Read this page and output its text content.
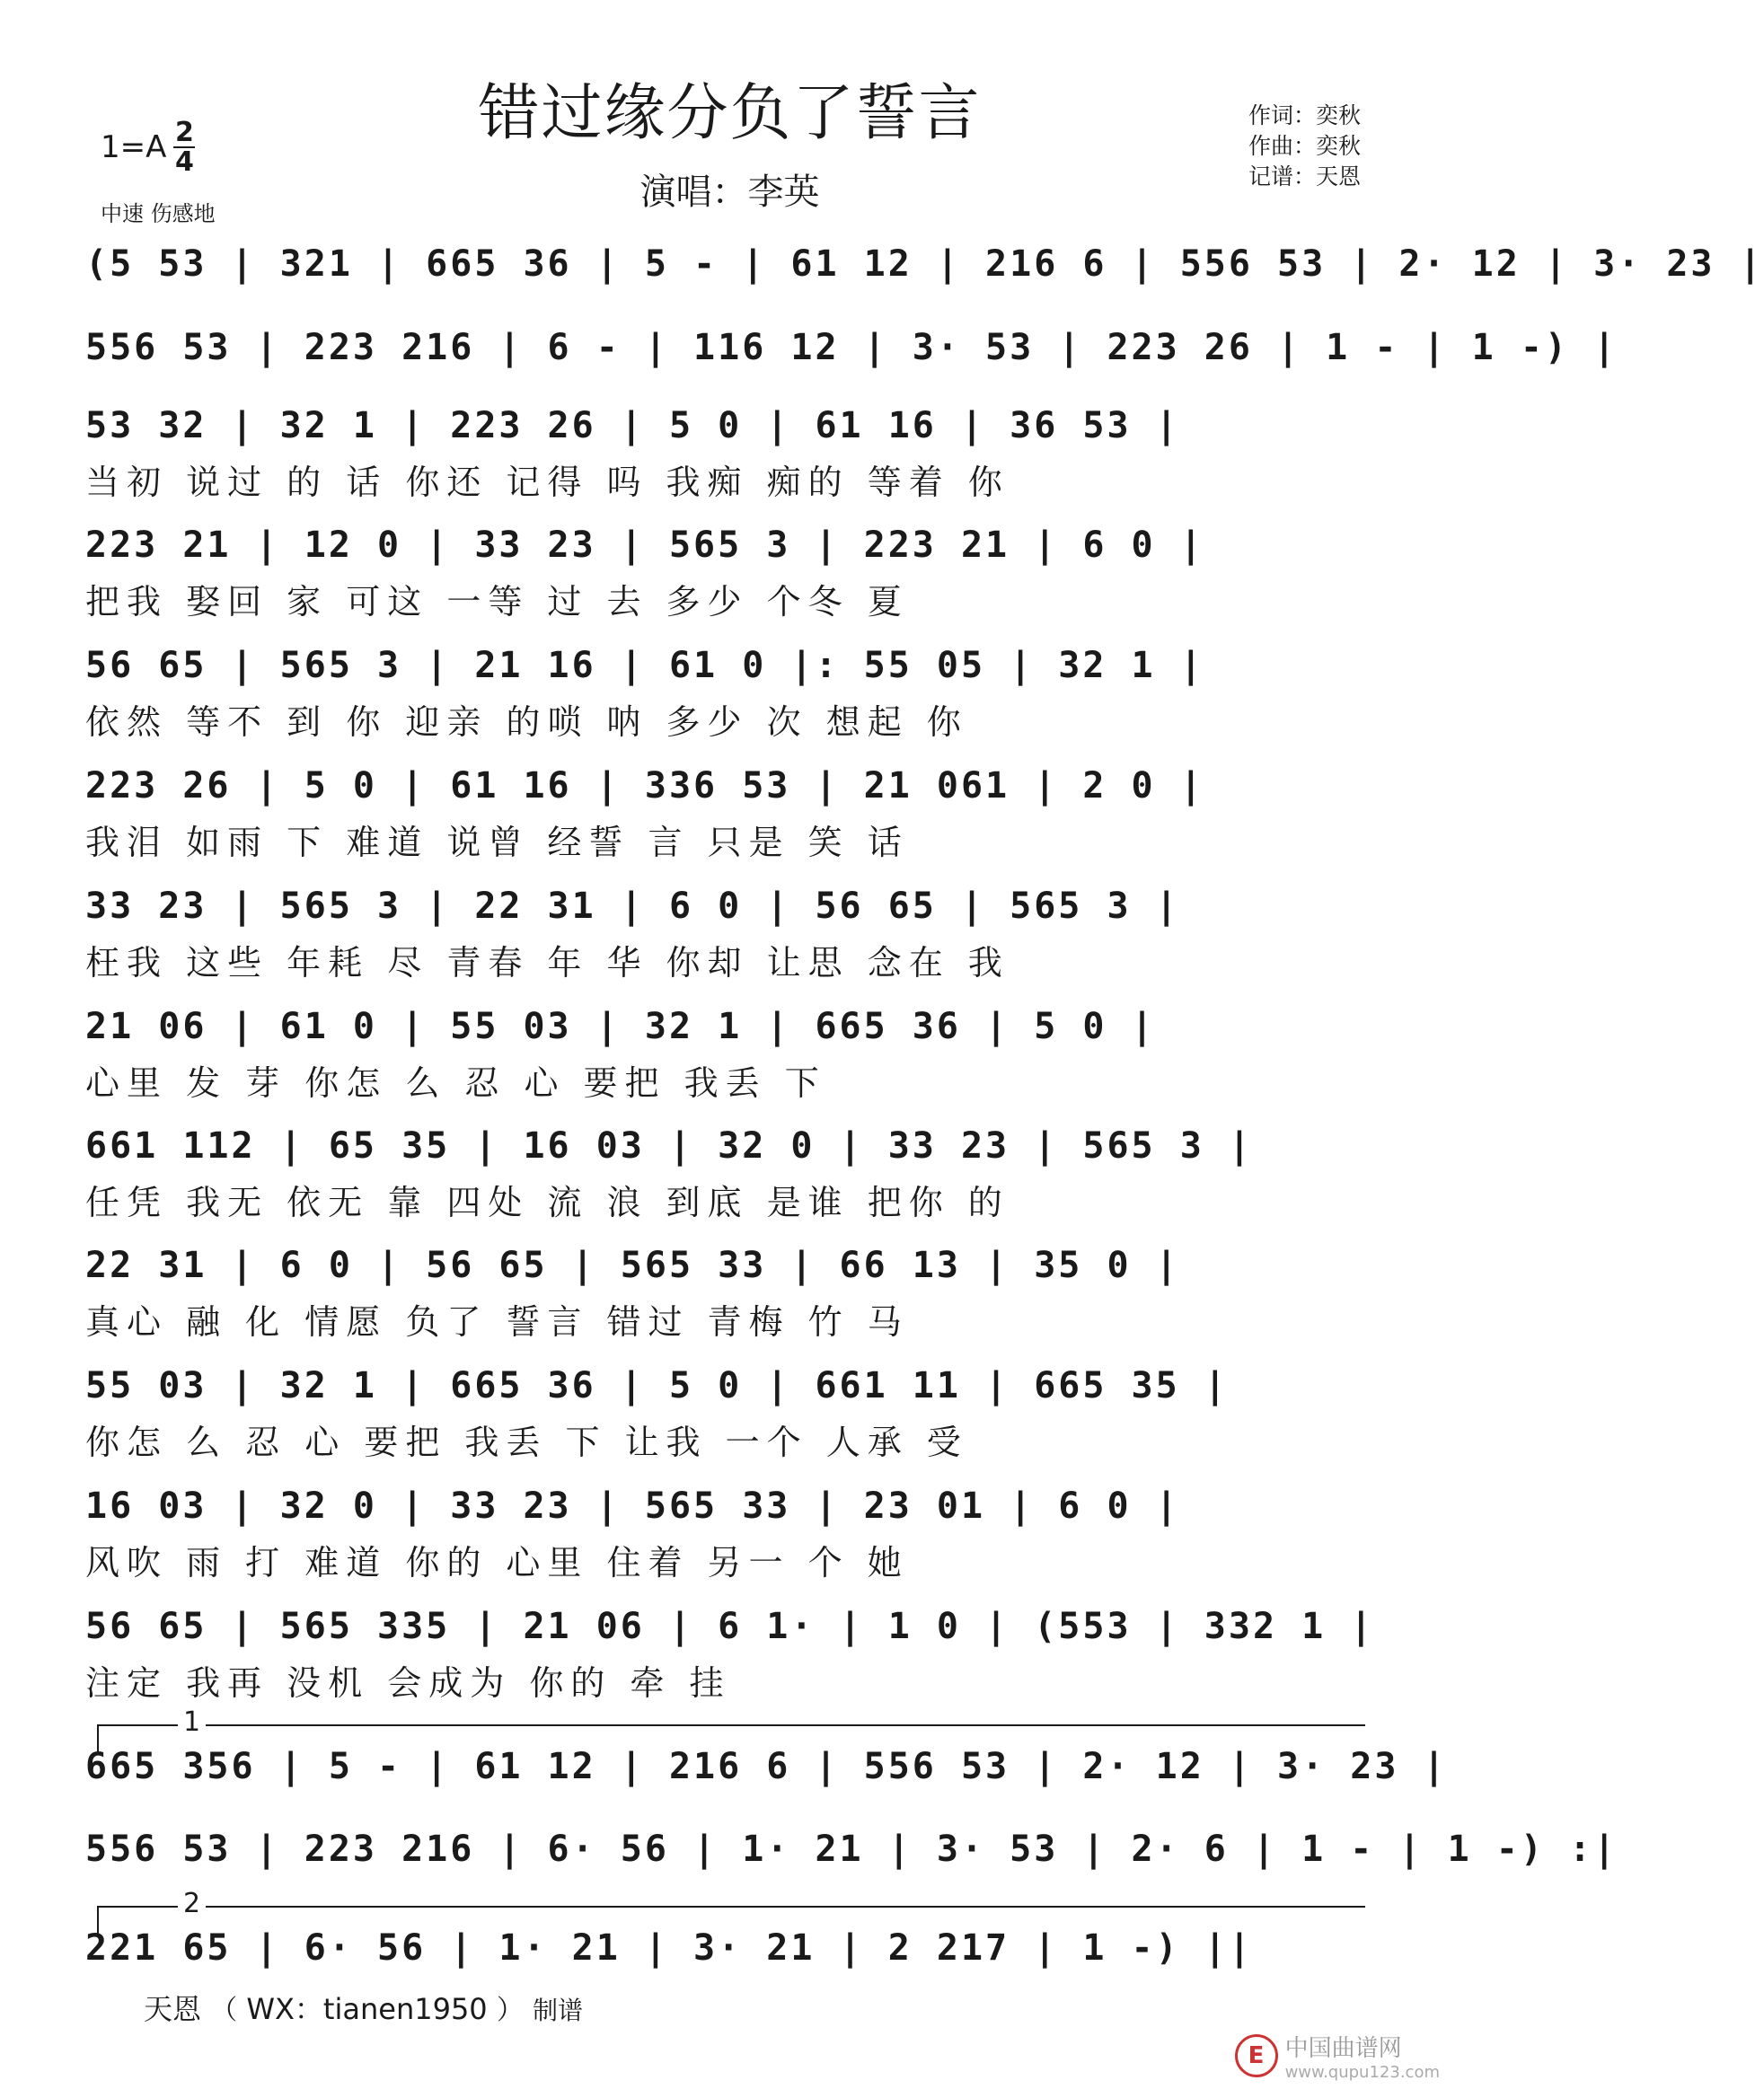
错过缘分负了誓言
演唱：李英
$1=A \frac{2}{4}$
中速 伤感地
作词：奕秋
作曲：奕秋
记谱：天恩
(5 53 | 321 | 665 36 | 5 - | 61 12 | 216 6 | 556 53 | 2· 12 | 3· 23 |
556 53 | 223 216 | 6 - | 116 12 | 3· 53 | 223 26 | 1 - | 1 -) |
53 32 | 32 1 | 223 26 | 5 0 | 61 16 | 36 53 |
当初 说过 的 话 你还 记得 吗 我痴 痴的 等着 你
223 21 | 12 0 | 33 23 | 565 3 | 223 21 | 6 0 |
把我 娶回 家 可这 一等 过 去 多少 个冬 夏
56 65 | 565 3 | 21 16 | 61 0 |: 55 05 | 32 1 |
依然 等不 到 你 迎亲 的唢 呐 多少 次 想起 你
223 26 | 5 0 | 61 16 | 336 53 | 21 061 | 2 0 |
我泪 如雨 下 难道 说曾 经誓 言 只是 笑 话
33 23 | 565 3 | 22 31 | 6 0 | 56 65 | 565 3 |
枉我 这些 年耗 尽 青春 年 华 你却 让思 念在 我
21 06 | 61 0 | 55 03 | 32 1 | 665 36 | 5 0 |
心里 发 芽 你怎 么 忍 心 要把 我丢 下
661 112 | 65 35 | 16 03 | 32 0 | 33 23 | 565 3 |
任凭 我无 依无 靠 四处 流 浪 到底 是谁 把你 的
22 31 | 6 0 | 56 65 | 565 33 | 66 13 | 35 0 |
真心 融 化 情愿 负了 誓言 错过 青梅 竹 马
55 03 | 32 1 | 665 36 | 5 0 | 661 11 | 665 35 |
你怎 么 忍 心 要把 我丢 下 让我 一个 人承 受
16 03 | 32 0 | 33 23 | 565 33 | 23 01 | 6 0 |
风吹 雨 打 难道 你的 心里 住着 另一 个 她
56 65 | 565 335 | 21 06 | 6 1· | 1 0 | (553 | 332 1 |
注定 我再 没机 会成为 你的 牵 挂
665 356 | 5 - | 61 12 | 216 6 | 556 53 | 2· 12 | 3· 23 |
556 53 | 223 216 | 6· 56 | 1· 21 | 3· 53 | 2· 6 | 1 - | 1 -) :|
221 65 | 6· 56 | 1· 21 | 3· 21 | 2 217 | 1 -) ||
1
2
天恩 （ WX：tianen1950 ） 制谱
E 中国曲谱网
www.qupu123.com
